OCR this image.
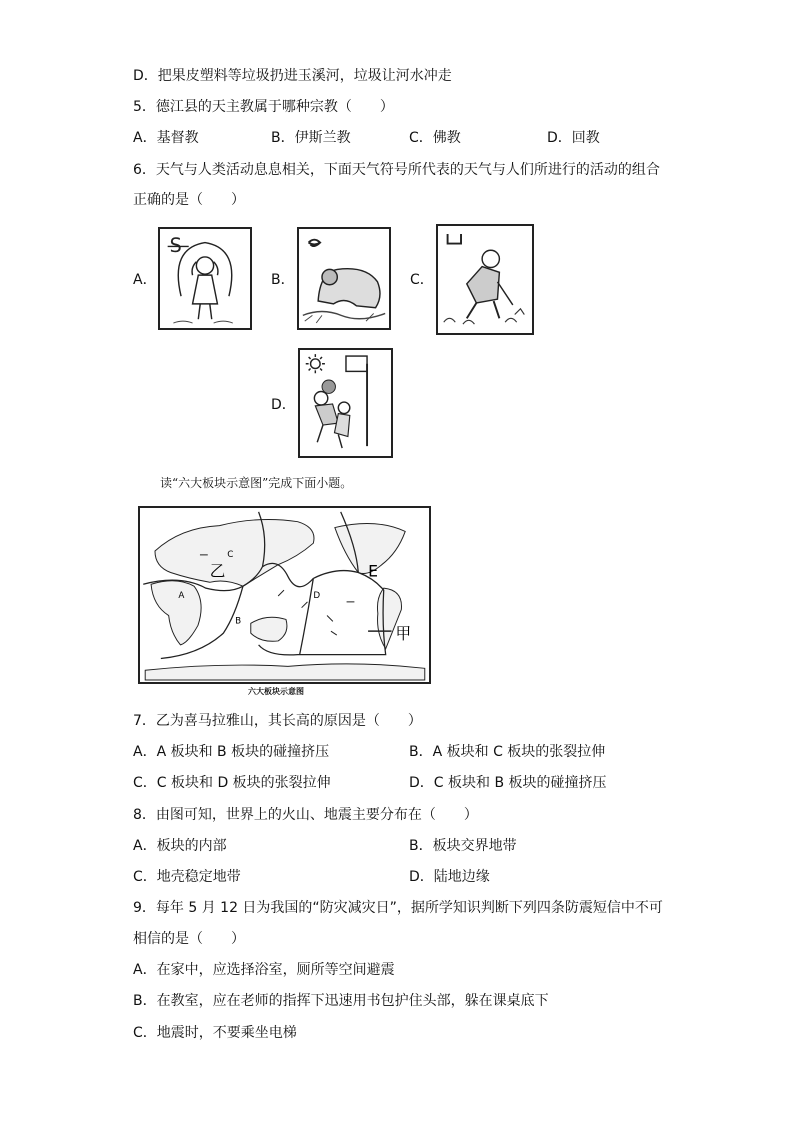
D．把果皮塑料等垃圾扔进玉溪河，垃圾让河水冲走
5．德江县的天主教属于哪种宗教（　　）
A．基督教	B．伊斯兰教	C．佛教	D．回教
6．天气与人类活动息息相关，下面天气符号所代表的天气与人们所进行的活动的组合
正确的是（　　）
A．
S
B．	C．
D．
读“六大板块示意图”完成下面小题。
A
B
C
D
E
乙
甲
六大板块示意图
7．乙为喜马拉雅山，其长高的原因是（　　）
A．A 板块和 B 板块的碰撞挤压	B．A 板块和 C 板块的张裂拉伸
C．C 板块和 D 板块的张裂拉伸	D．C 板块和 B 板块的碰撞挤压
8．由图可知，世界上的火山、地震主要分布在（　　）
A．板块的内部	B．板块交界地带
C．地壳稳定地带	D．陆地边缘
9．每年 5 月 12 日为我国的“防灾减灾日”，据所学知识判断下列四条防震短信中不可
相信的是（　　）
A．在家中，应选择浴室，厕所等空间避震
B．在教室，应在老师的指挥下迅速用书包护住头部，躲在课桌底下
C．地震时，不要乘坐电梯
